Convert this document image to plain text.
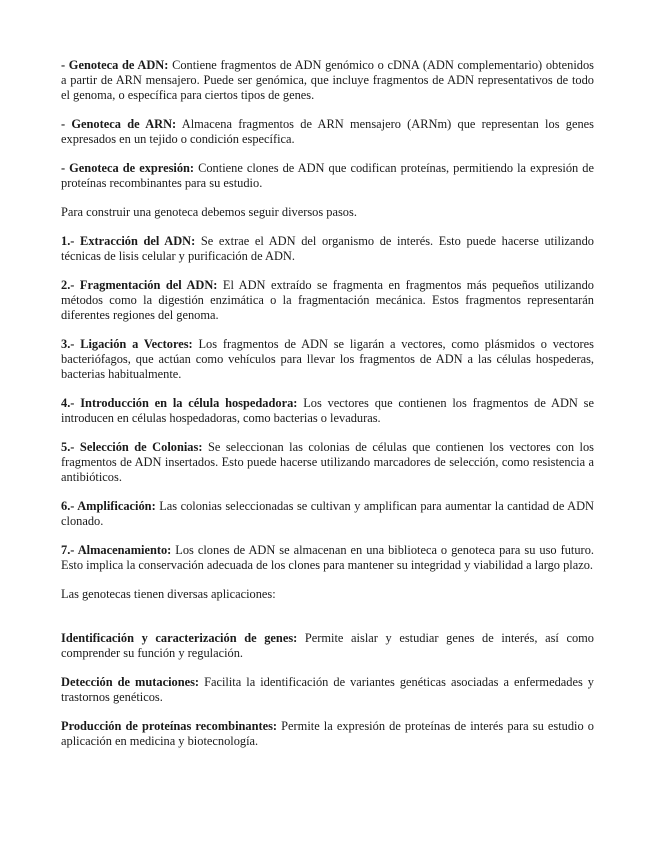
- Genoteca de ADN: Contiene fragmentos de ADN genómico o cDNA (ADN complementario) obtenidos a partir de ARN mensajero. Puede ser genómica, que incluye fragmentos de ADN representativos de todo el genoma, o específica para ciertos tipos de genes.

- Genoteca de ARN: Almacena fragmentos de ARN mensajero (ARNm) que representan los genes expresados en un tejido o condición específica.

- Genoteca de expresión: Contiene clones de ADN que codifican proteínas, permitiendo la expresión de proteínas recombinantes para su estudio.

Para construir una genoteca debemos seguir diversos pasos.

1.- Extracción del ADN: Se extrae el ADN del organismo de interés. Esto puede hacerse utilizando técnicas de lisis celular y purificación de ADN.

2.- Fragmentación del ADN: El ADN extraído se fragmenta en fragmentos más pequeños utilizando métodos como la digestión enzimática o la fragmentación mecánica. Estos fragmentos representarán diferentes regiones del genoma.

3.- Ligación a Vectores: Los fragmentos de ADN se ligarán a vectores, como plásmidos o vectores bacteriófagos, que actúan como vehículos para llevar los fragmentos de ADN a las células hospederas, bacterias habitualmente.

4.- Introducción en la célula hospedadora: Los vectores que contienen los fragmentos de ADN se introducen en células hospedadoras, como bacterias o levaduras.

5.- Selección de Colonias: Se seleccionan las colonias de células que contienen los vectores con los fragmentos de ADN insertados. Esto puede hacerse utilizando marcadores de selección, como resistencia a antibióticos.

6.- Amplificación: Las colonias seleccionadas se cultivan y amplifican para aumentar la cantidad de ADN clonado.

7.- Almacenamiento: Los clones de ADN se almacenan en una biblioteca o genoteca para su uso futuro. Esto implica la conservación adecuada de los clones para mantener su integridad y viabilidad a largo plazo.

Las genotecas tienen diversas aplicaciones:

Identificación y caracterización de genes: Permite aislar y estudiar genes de interés, así como comprender su función y regulación.

Detección de mutaciones: Facilita la identificación de variantes genéticas asociadas a enfermedades y trastornos genéticos.

Producción de proteínas recombinantes: Permite la expresión de proteínas de interés para su estudio o aplicación en medicina y biotecnología.
